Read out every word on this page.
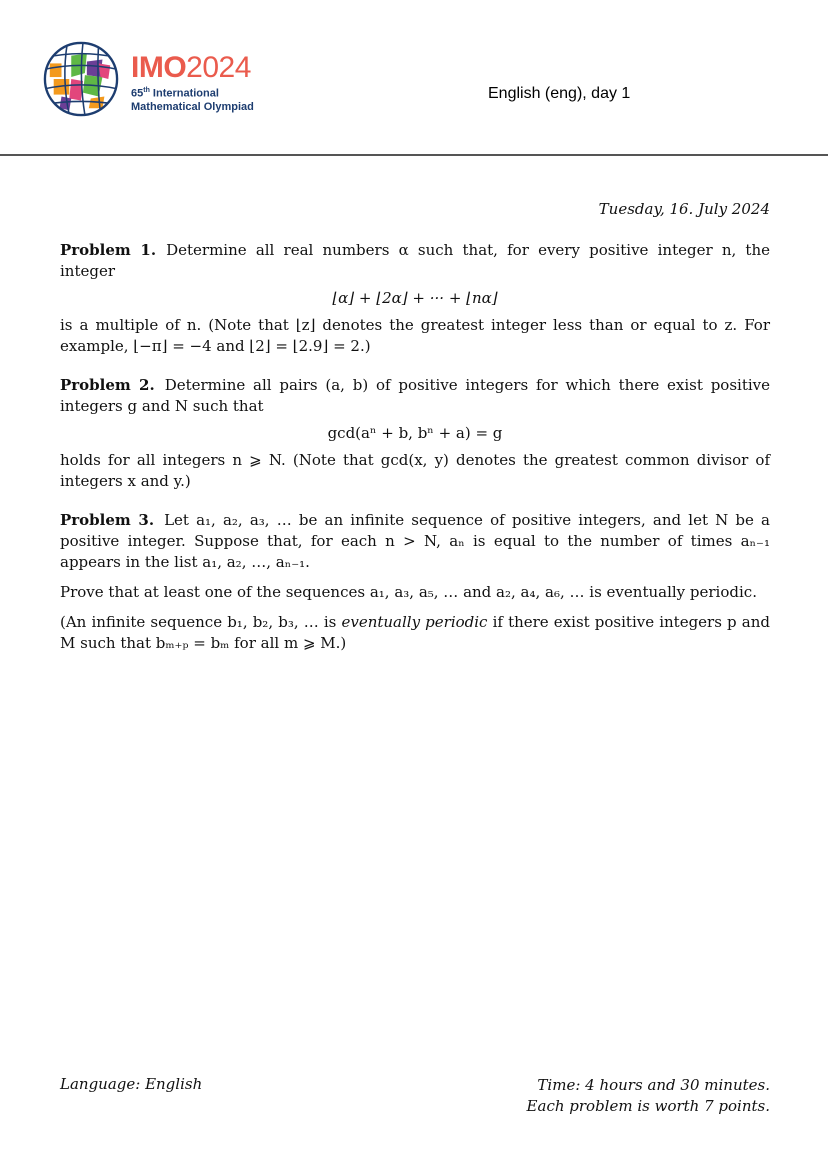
IMO2024
65th International
Mathematical Olympiad
English (eng), day 1
Tuesday, 16. July 2024

Problem 1. Determine all real numbers α such that, for every positive integer n, the integer

⌊α⌋ + ⌊2α⌋ + ··· + ⌊nα⌋

is a multiple of n. (Note that ⌊z⌋ denotes the greatest integer less than or equal to z. For example, ⌊−π⌋ = −4 and ⌊2⌋ = ⌊2.9⌋ = 2.)

Problem 2. Determine all pairs (a, b) of positive integers for which there exist positive integers g and N such that

gcd(aⁿ + b, bⁿ + a) = g

holds for all integers n ⩾ N. (Note that gcd(x, y) denotes the greatest common divisor of integers x and y.)

Problem 3. Let a₁, a₂, a₃, … be an infinite sequence of positive integers, and let N be a positive integer. Suppose that, for each n > N, aₙ is equal to the number of times aₙ₋₁ appears in the list a₁, a₂, …, aₙ₋₁.

Prove that at least one of the sequences a₁, a₃, a₅, … and a₂, a₄, a₆, … is eventually periodic.

(An infinite sequence b₁, b₂, b₃, … is eventually periodic if there exist positive integers p and M such that bₘ₊ₚ = bₘ for all m ⩾ M.)

Language: English	Time: 4 hours and 30 minutes.
Each problem is worth 7 points.
